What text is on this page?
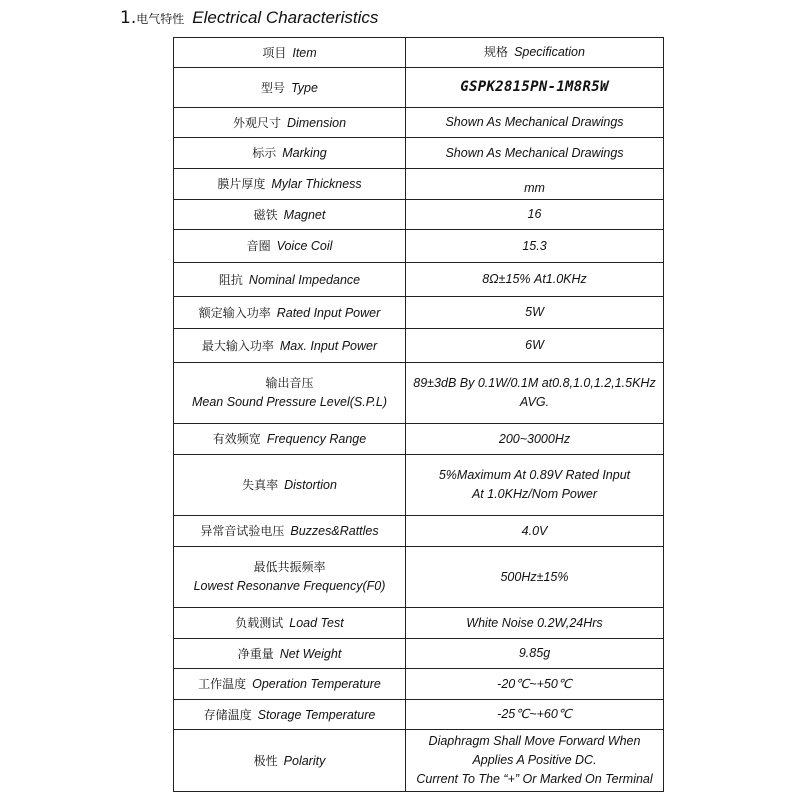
1.电气特性 Electrical Characteristics
项目 Item	规格 Specification
型号 Type	GSPK2815PN-1M8R5W
外观尺寸 Dimension	Shown As Mechanical Drawings
标示 Marking	Shown As Mechanical Drawings
膜片厚度 Mylar Thickness	mm
磁铁 Magnet	16
音圈 Voice Coil	15.3
阻抗 Nominal Impedance	8Ω±15% At1.0KHz
额定输入功率 Rated Input Power	5W
最大输入功率 Max. Input Power	6W

输出音压
Mean Sound Pressure Level(S.P.L)	89±3dB By 0.1W/0.1M at0.8,1.0,1.2,1.5KHz
AVG.

有效频宽 Frequency Range	200~3000Hz
失真率 Distortion	5%Maximum At 0.89V Rated Input
At 1.0KHz/Nom Power

异常音试验电压 Buzzes&Rattles	4.0V

最低共振频率
Lowest Resonanve Frequency(F0)	500Hz±15%
负载测试 Load Test	White Noise 0.2W,24Hrs
净重量 Net Weight	9.85g
工作温度 Operation Temperature	-20℃~+50℃
存储温度 Storage Temperature	-25℃~+60℃
极性 Polarity	Diaphragm Shall Move Forward When
Applies A Positive DC.
Current To The “+” Or Marked On Terminal
